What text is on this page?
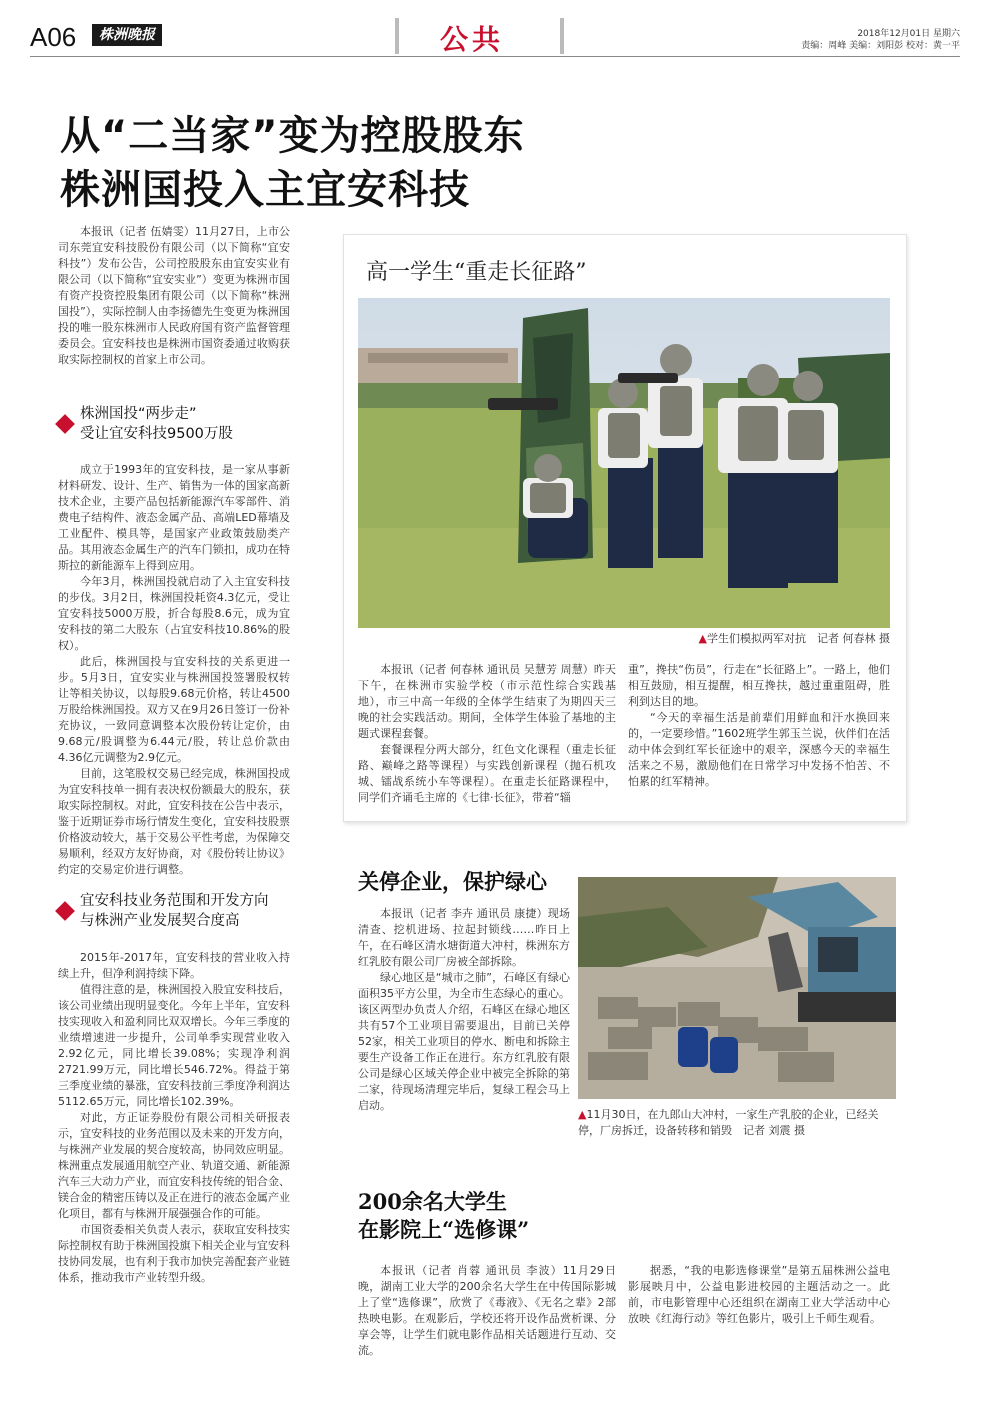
A06	株洲晚报	公共	2018年12月01日 星期六
责编：周峰 美编：刘阳彭 校对：黄一平
从“二当家”变为控股股东
株洲国投入主宜安科技

本报讯（记者 伍婧雯）11月27日，上市公司东莞宜安科技股份有限公司（以下简称“宜安科技”）发布公告，公司控股股东由宜安实业有限公司（以下简称“宜安实业”）变更为株洲市国有资产投资控股集团有限公司（以下简称“株洲国投”），实际控制人由李扬德先生变更为株洲国投的唯一股东株洲市人民政府国有资产监督管理委员会。宜安科技也是株洲市国资委通过收购获取实际控制权的首家上市公司。

株洲国投“两步走”
受让宜安科技9500万股

成立于1993年的宜安科技，是一家从事新材料研发、设计、生产、销售为一体的国家高新技术企业，主要产品包括新能源汽车零部件、消费电子结构件、液态金属产品、高端LED幕墙及工业配件、模具等，是国家产业政策鼓励类产品。其用液态金属生产的汽车门锁扣，成功在特斯拉的新能源车上得到应用。

今年3月，株洲国投就启动了入主宜安科技的步伐。3月2日，株洲国投耗资4.3亿元，受让宜安科技5000万股，折合每股8.6元，成为宜安科技的第二大股东（占宜安科技10.86%的股权）。

此后，株洲国投与宜安科技的关系更进一步。5月3日，宜安实业与株洲国投签署股权转让等相关协议，以每股9.68元价格，转让4500万股给株洲国投。双方又在9月26日签订一份补充协议，一致同意调整本次股份转让定价，由9.68元/股调整为6.44元/股，转让总价款由4.36亿元调整为2.9亿元。

目前，这笔股权交易已经完成，株洲国投成为宜安科技单一拥有表决权份额最大的股东，获取实际控制权。对此，宜安科技在公告中表示，鉴于近期证券市场行情发生变化，宜安科技股票价格波动较大，基于交易公平性考虑，为保障交易顺利，经双方友好协商，对《股份转让协议》约定的交易定价进行调整。

宜安科技业务范围和开发方向
与株洲产业发展契合度高

2015年-2017年，宜安科技的营业收入持续上升，但净利润持续下降。

值得注意的是，株洲国投入股宜安科技后，该公司业绩出现明显变化。今年上半年，宜安科技实现收入和盈利同比双双增长。今年三季度的业绩增速进一步提升，公司单季实现营业收入2.92亿元，同比增长39.08%；实现净利润2721.99万元，同比增长546.72%。得益于第三季度业绩的暴涨，宜安科技前三季度净利润达5112.65万元，同比增长102.39%。

对此，方正证券股份有限公司相关研报表示，宜安科技的业务范围以及未来的开发方向，与株洲产业发展的契合度较高，协同效应明显。株洲重点发展通用航空产业、轨道交通、新能源汽车三大动力产业，而宜安科技传统的铝合金、镁合金的精密压铸以及正在进行的液态金属产业化项目，都有与株洲开展强强合作的可能。

市国资委相关负责人表示，获取宜安科技实际控制权有助于株洲国投旗下相关企业与宜安科技协同发展，也有利于我市加快完善配套产业链体系，推动我市产业转型升级。

高一学生“重走长征路”
▲学生们模拟两军对抗　记者 何春林 摄

本报讯（记者 何春林 通讯员 吴慧芳 周慧）昨天下午，在株洲市实验学校（市示范性综合实践基地），市三中高一年级的全体学生结束了为期四天三晚的社会实践活动。期间，全体学生体验了基地的主题式课程套餐。

套餐课程分两大部分，红色文化课程（重走长征路、巅峰之路等课程）与实践创新课程（抛石机攻城、镭战系统小车等课程）。在重走长征路课程中，同学们齐诵毛主席的《七律·长征》，带着“辎

重”，搀扶“伤员”，行走在“长征路上”。一路上，他们相互鼓励，相互提醒，相互搀扶，越过重重阻碍，胜利到达目的地。

“今天的幸福生活是前辈们用鲜血和汗水换回来的，一定要珍惜。”1602班学生郭玉兰说，伙伴们在活动中体会到红军长征途中的艰辛，深感今天的幸福生活来之不易，激励他们在日常学习中发扬不怕苦、不怕累的红军精神。

关停企业，保护绿心

本报讯（记者 李卉 通讯员 康捷）现场清查、挖机进场、拉起封锁线……昨日上午，在石峰区清水塘街道大冲村，株洲东方红乳胶有限公司厂房被全部拆除。

绿心地区是“城市之肺”，石峰区有绿心面积35平方公里，为全市生态绿心的重心。该区两型办负责人介绍，石峰区在绿心地区共有57个工业项目需要退出，目前已关停52家，相关工业项目的停水、断电和拆除主要生产设备工作正在进行。东方红乳胶有限公司是绿心区域关停企业中被完全拆除的第二家，待现场清理完毕后，复绿工程会马上启动。

▲11月30日，在九郎山大冲村，一家生产乳胶的企业，已经关停，厂房拆迁，设备转移和销毁　记者 刘震 摄
200余名大学生
在影院上“选修课”

本报讯（记者 肖蓉 通讯员 李波）11月29日晚，湖南工业大学的200余名大学生在中传国际影城上了堂“选修课”，欣赏了《毒液》、《无名之辈》2部热映电影。在观影后，学校还将开设作品赏析课、分享会等，让学生们就电影作品相关话题进行互动、交流。

据悉，“我的电影选修课堂”是第五届株洲公益电影展映月中，公益电影进校园的主题活动之一。此前，市电影管理中心还组织在湖南工业大学活动中心放映《红海行动》等红色影片，吸引上千师生观看。
